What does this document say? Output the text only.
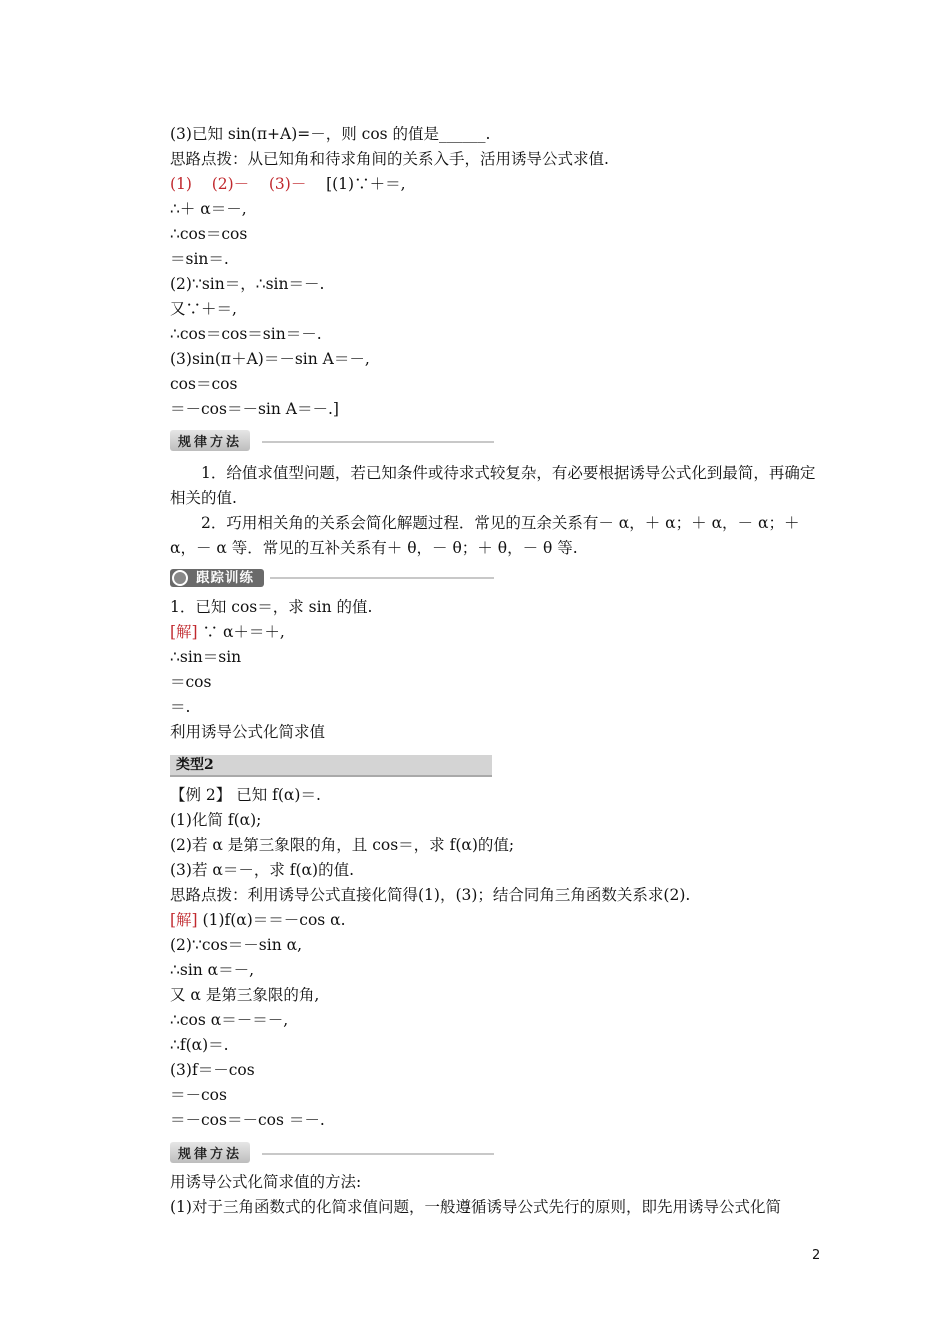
(3)已知 sin(π+A)=－，则 cos 的值是______.
思路点拨：从已知角和待求角间的关系入手，活用诱导公式求值.
(1) (2)－ (3)－ [(1)∵＋＝,
∴＋ α＝－,
∴cos＝cos
＝sin＝.
(2)∵sin＝，∴sin＝－.
又∵＋＝,
∴cos＝cos＝sin＝－.
(3)sin(π＋A)＝－sin A＝－,
cos＝cos
＝－cos＝－sin A＝－.]
规律方法
1．给值求值型问题，若已知条件或待求式较复杂，有必要根据诱导公式化到最简，再确定相关的值.
2．巧用相关角的关系会简化解题过程．常见的互余关系有－ α，＋ α；＋ α，－ α；＋ α，－ α 等．常见的互补关系有＋ θ，－ θ；＋ θ，－ θ 等.
跟踪训练
1．已知 cos＝，求 sin 的值.
[解] ∵ α＋＝＋,
∴sin＝sin
＝cos
＝.
利用诱导公式化简求值
类型2
【例 2】 已知 f(α)＝.
(1)化简 f(α);
(2)若 α 是第三象限的角，且 cos＝，求 f(α)的值;
(3)若 α＝－，求 f(α)的值.
思路点拨：利用诱导公式直接化简得(1)，(3)；结合同角三角函数关系求(2).
[解] (1)f(α)＝＝－cos α.
(2)∵cos＝－sin α,
∴sin α＝－,
又 α 是第三象限的角,
∴cos α＝－＝－,
∴f(α)＝.
(3)f＝－cos
＝－cos
＝－cos＝－cos ＝－.
规律方法
用诱导公式化简求值的方法:
(1)对于三角函数式的化简求值问题，一般遵循诱导公式先行的原则，即先用诱导公式化简
2
